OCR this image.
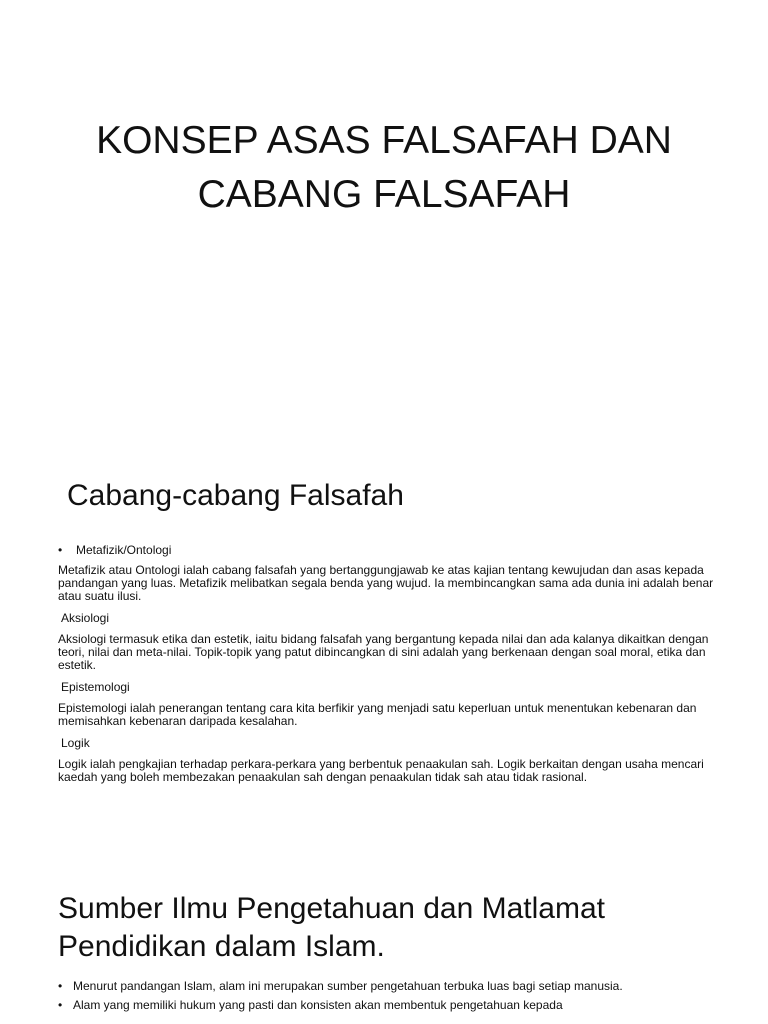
KONSEP ASAS FALSAFAH DAN
CABANG FALSAFAH
Cabang-cabang Falsafah
• Metafizik/Ontologi
Metafizik atau Ontologi ialah cabang falsafah yang bertanggungjawab ke atas kajian tentang kewujudan dan asas kepada pandangan yang luas. Metafizik melibatkan segala benda yang wujud. Ia membincangkan sama ada dunia ini adalah benar atau suatu ilusi.
Aksiologi
Aksiologi termasuk etika dan estetik, iaitu bidang falsafah yang bergantung kepada nilai dan ada kalanya dikaitkan dengan teori, nilai dan meta-nilai. Topik-topik yang patut dibincangkan di sini adalah yang berkenaan dengan soal moral, etika dan estetik.
Epistemologi
Epistemologi ialah penerangan tentang cara kita berfikir yang menjadi satu keperluan untuk menentukan kebenaran dan memisahkan kebenaran daripada kesalahan.
Logik
Logik ialah pengkajian terhadap perkara-perkara yang berbentuk penaakulan sah. Logik berkaitan dengan usaha mencari kaedah yang boleh membezakan penaakulan sah dengan penaakulan tidak sah atau tidak rasional.
Sumber Ilmu Pengetahuan dan Matlamat
Pendidikan dalam Islam.
• Menurut pandangan Islam, alam ini merupakan sumber pengetahuan terbuka luas bagi setiap manusia.
• Alam yang memiliki hukum yang pasti dan konsisten akan membentuk pengetahuan kepada
